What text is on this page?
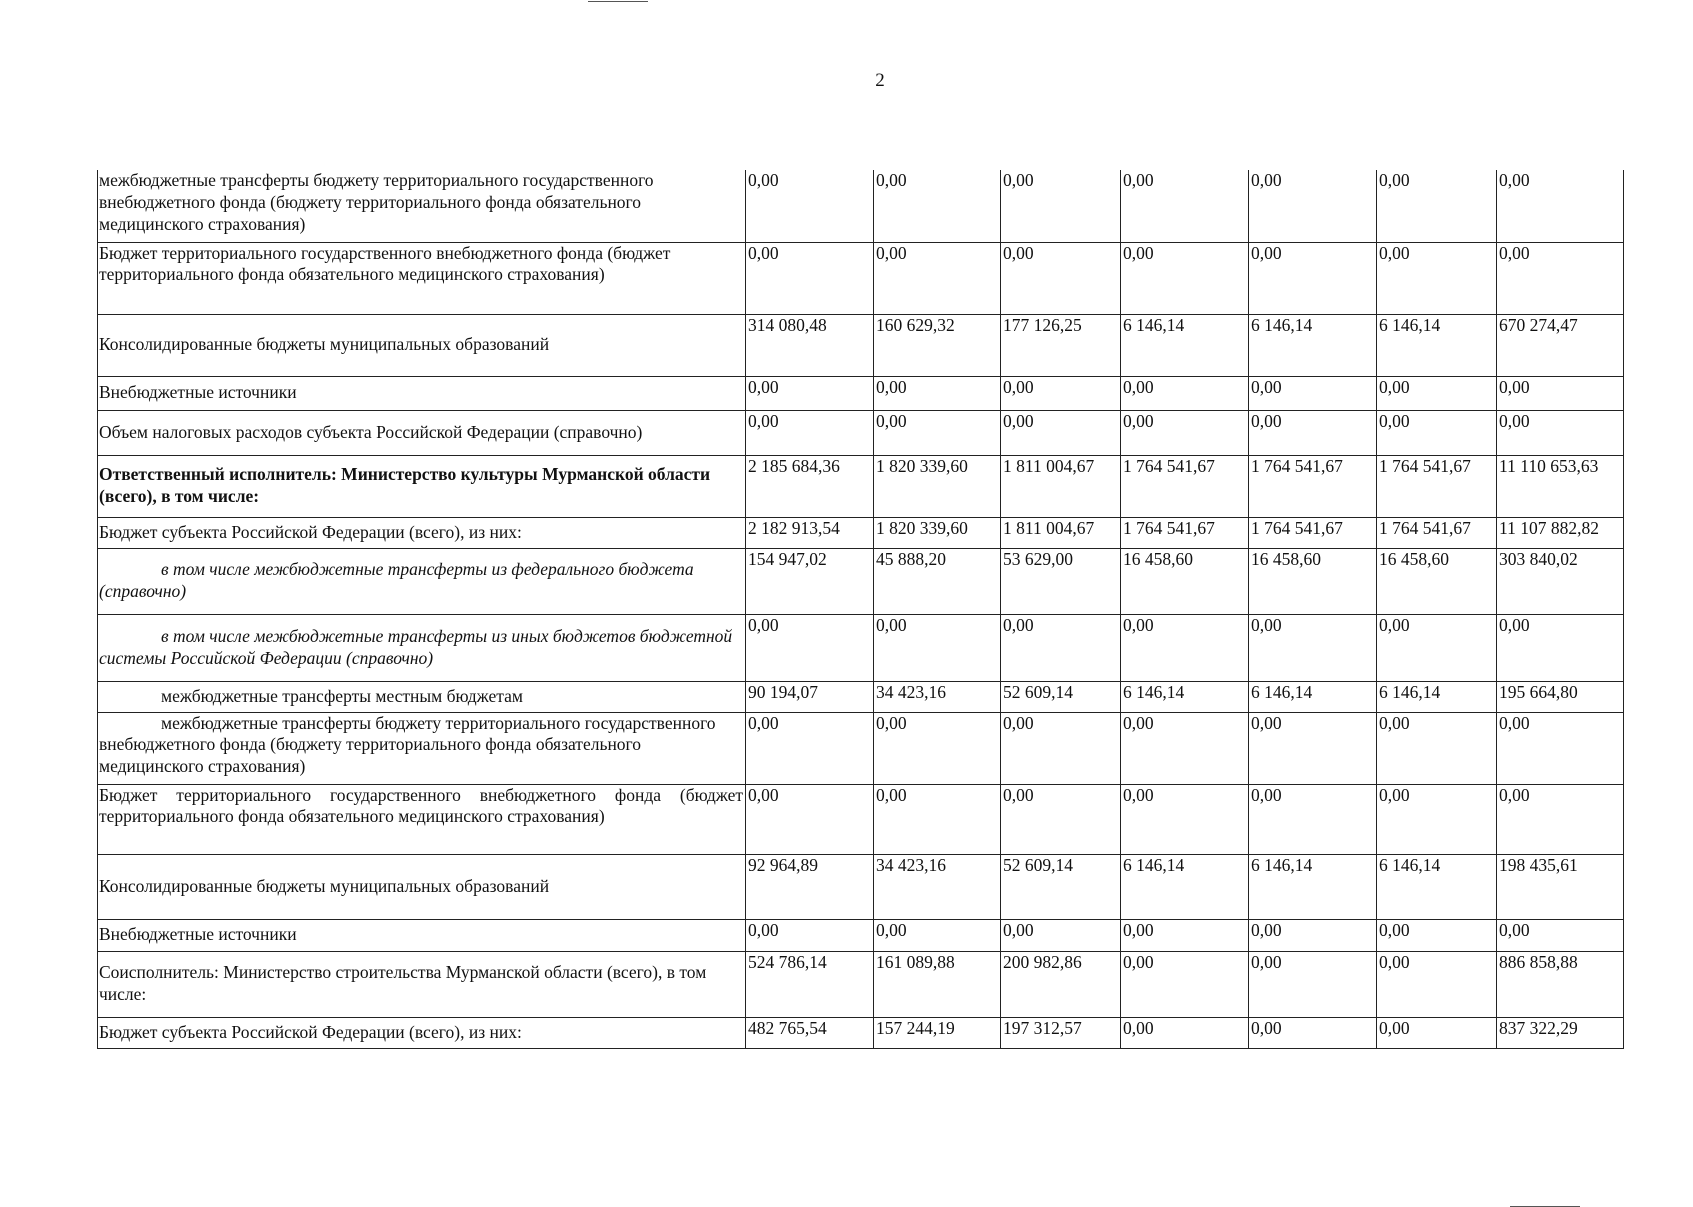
2
межбюджетные трансферты бюджету территориального государственного внебюджетного фонда (бюджету территориального фонда обязательного медицинского страхования)	0,00	0,00	0,00	0,00	0,00	0,00	0,00

Бюджет территориального государственного внебюджетного фонда (бюджет территориального фонда обязательного медицинского страхования)	0,00	0,00	0,00	0,00	0,00	0,00	0,00

Консолидированные бюджеты муниципальных образований	314 080,48	160 629,32	177 126,25	6 146,14	6 146,14	6 146,14	670 274,47

Внебюджетные источники	0,00	0,00	0,00	0,00	0,00	0,00	0,00

Объем налоговых расходов субъекта Российской Федерации (справочно)	0,00	0,00	0,00	0,00	0,00	0,00	0,00

Ответственный исполнитель: Министерство культуры Мурманской области (всего), в том числе:	2 185 684,36	1 820 339,60	1 811 004,67	1 764 541,67	1 764 541,67	1 764 541,67	11 110 653,63

Бюджет субъекта Российской Федерации (всего), из них:	2 182 913,54	1 820 339,60	1 811 004,67	1 764 541,67	1 764 541,67	1 764 541,67	11 107 882,82

в том числе межбюджетные трансферты из федерального бюджета (справочно)	154 947,02	45 888,20	53 629,00	16 458,60	16 458,60	16 458,60	303 840,02

в том числе межбюджетные трансферты из иных бюджетов бюджетной системы Российской Федерации (справочно)	0,00	0,00	0,00	0,00	0,00	0,00	0,00

межбюджетные трансферты местным бюджетам	90 194,07	34 423,16	52 609,14	6 146,14	6 146,14	6 146,14	195 664,80

межбюджетные трансферты бюджету территориального государственного внебюджетного фонда (бюджету территориального фонда обязательного медицинского страхования)	0,00	0,00	0,00	0,00	0,00	0,00	0,00

Бюджет территориального государственного внебюджетного фонда (бюджет территориального фонда обязательного медицинского страхования)	0,00	0,00	0,00	0,00	0,00	0,00	0,00

Консолидированные бюджеты муниципальных образований	92 964,89	34 423,16	52 609,14	6 146,14	6 146,14	6 146,14	198 435,61

Внебюджетные источники	0,00	0,00	0,00	0,00	0,00	0,00	0,00

Соисполнитель: Министерство строительства Мурманской области (всего), в том числе:	524 786,14	161 089,88	200 982,86	0,00	0,00	0,00	886 858,88

Бюджет субъекта Российской Федерации (всего), из них:	482 765,54	157 244,19	197 312,57	0,00	0,00	0,00	837 322,29
